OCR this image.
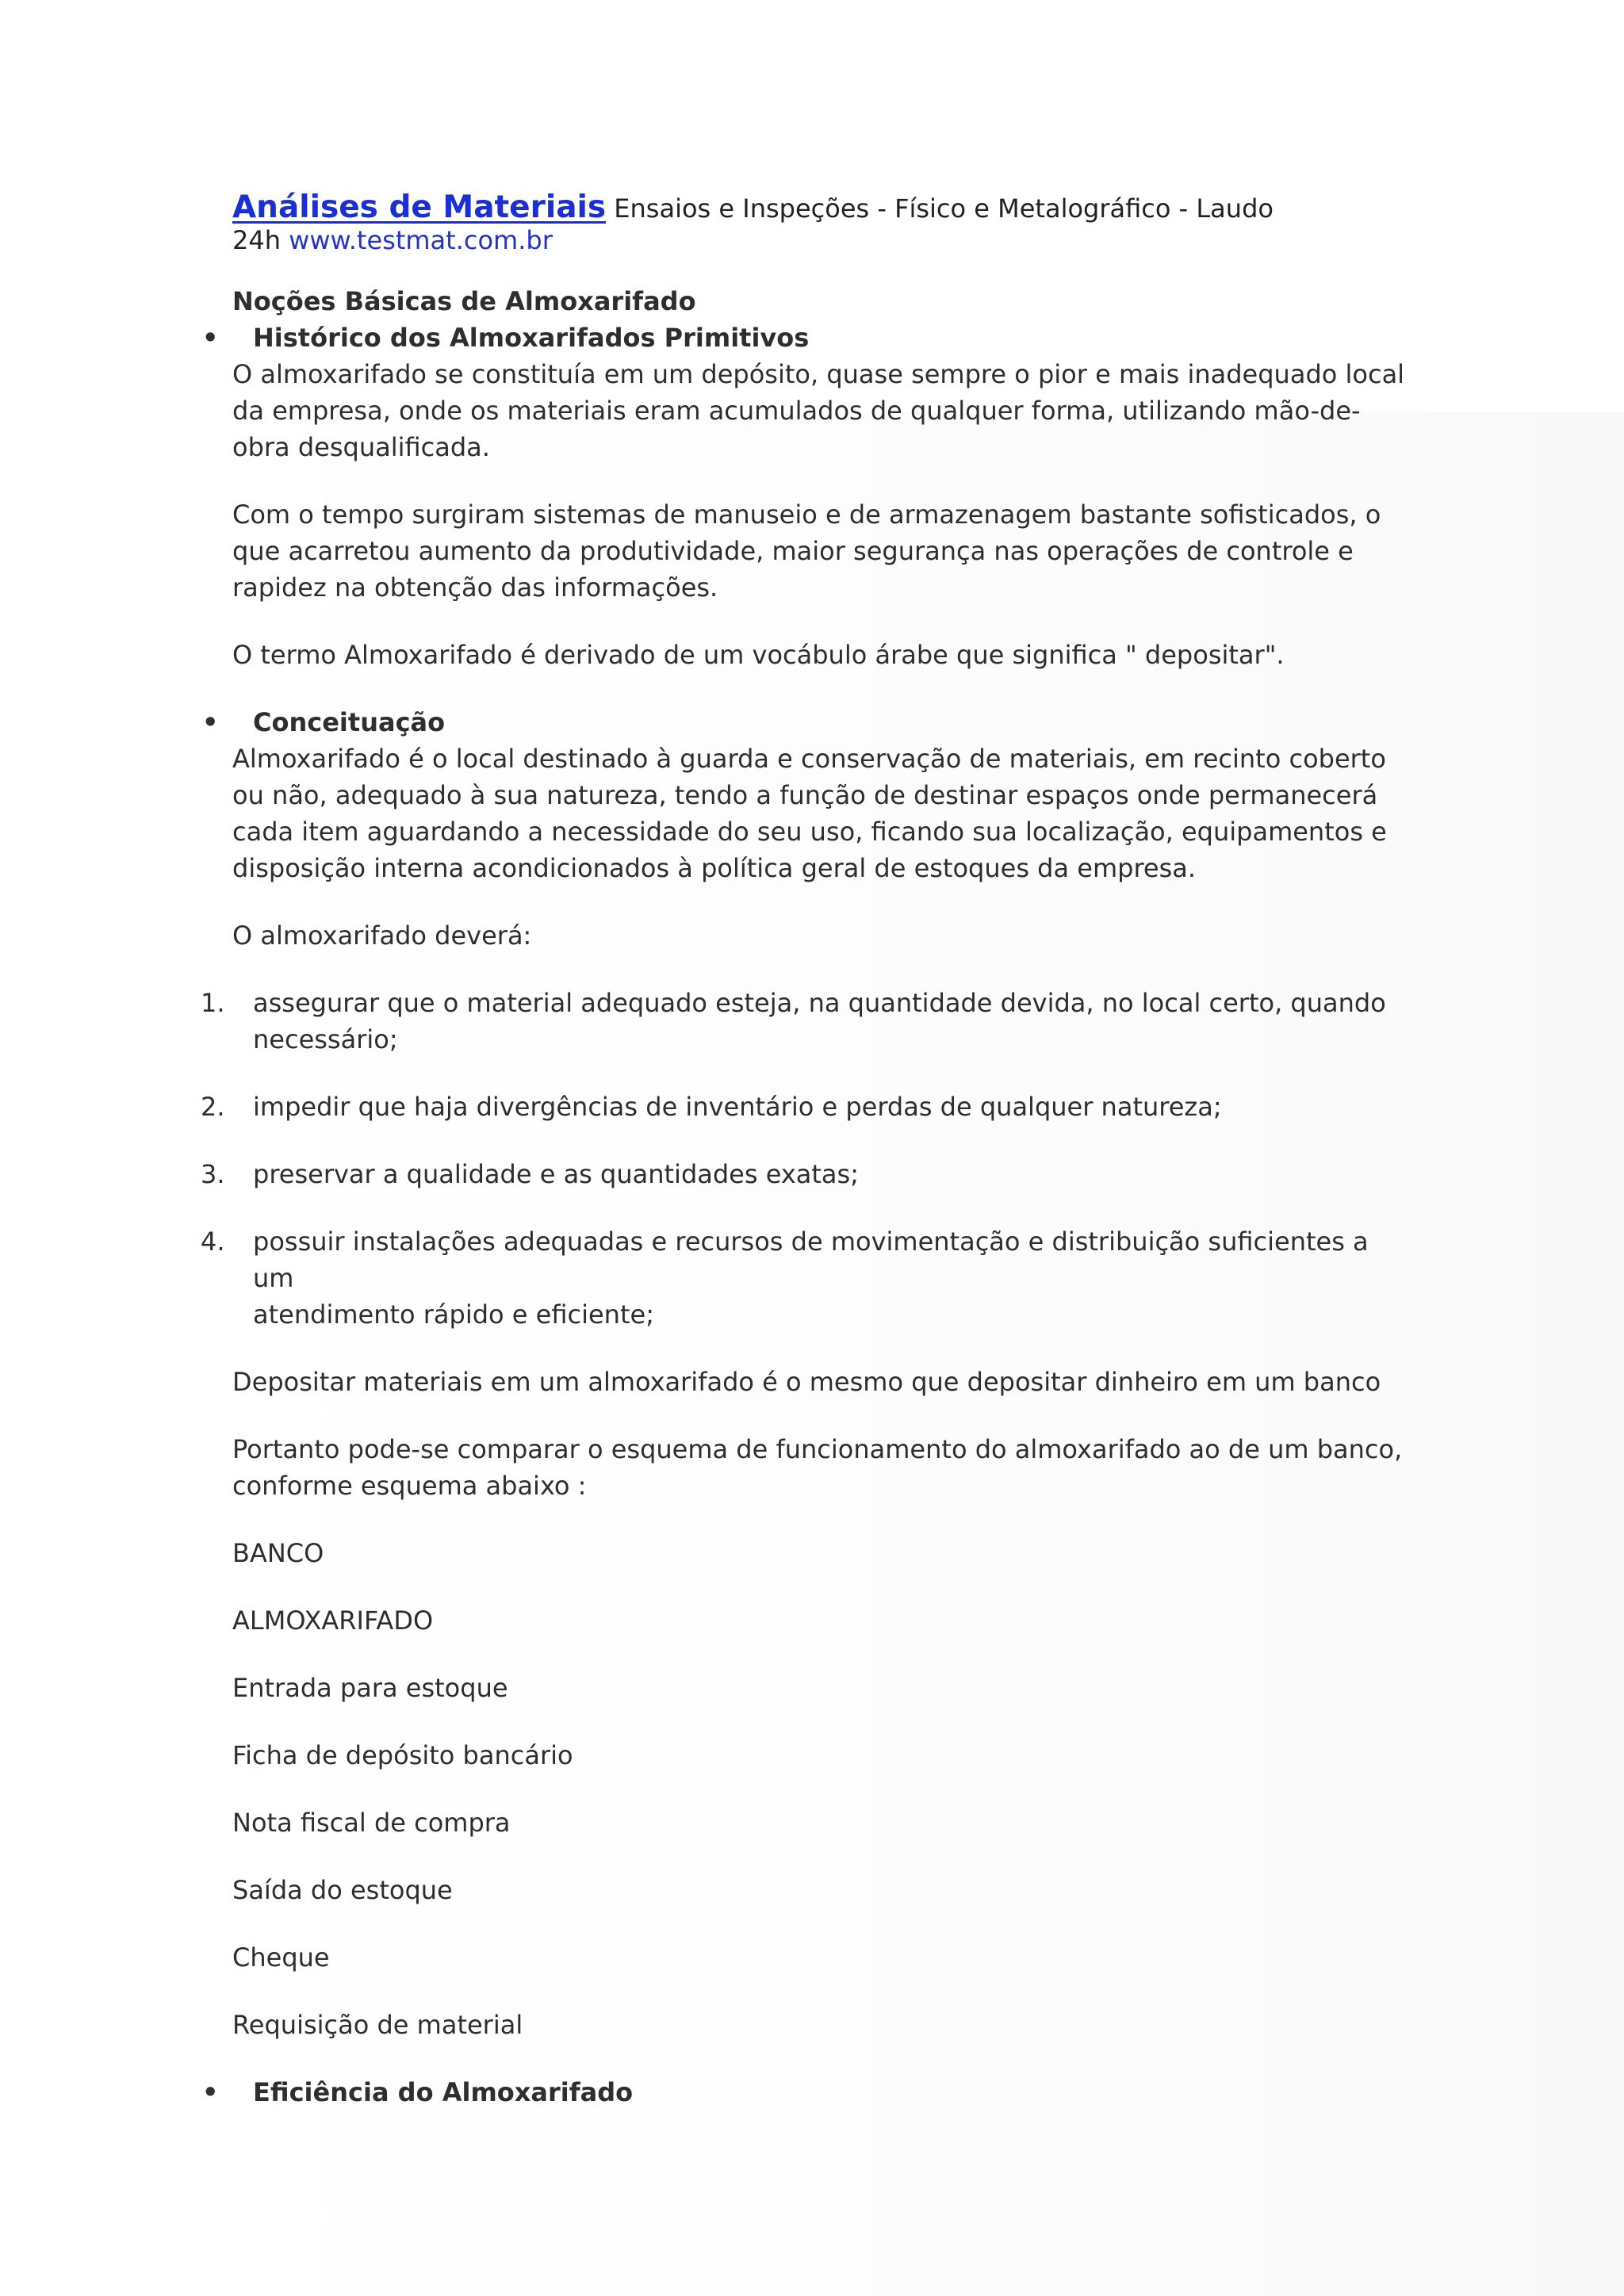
Análises de Materiais Ensaios e Inspeções - Físico e Metalográfico - Laudo
24h www.testmat.com.br

Noções Básicas de Almoxarifado

• Histórico dos Almoxarifados Primitivos

O almoxarifado se constituía em um depósito, quase sempre o pior e mais inadequado local da empresa, onde os materiais eram acumulados de qualquer forma, utilizando mão-de-obra desqualificada.

Com o tempo surgiram sistemas de manuseio e de armazenagem bastante sofisticados, o que acarretou aumento da produtividade, maior segurança nas operações de controle e rapidez na obtenção das informações.

O termo Almoxarifado é derivado de um vocábulo árabe que significa " depositar".

• Conceituação

Almoxarifado é o local destinado à guarda e conservação de materiais, em recinto coberto ou não, adequado à sua natureza, tendo a função de destinar espaços onde permanecerá cada item aguardando a necessidade do seu uso, ficando sua localização, equipamentos e disposição interna acondicionados à política geral de estoques da empresa.

O almoxarifado deverá:

1. assegurar que o material adequado esteja, na quantidade devida, no local certo, quando
necessário;

2. impedir que haja divergências de inventário e perdas de qualquer natureza;

3. preservar a qualidade e as quantidades exatas;

4. possuir instalações adequadas e recursos de movimentação e distribuição suficientes a um
atendimento rápido e eficiente;

Depositar materiais em um almoxarifado é o mesmo que depositar dinheiro em um banco

Portanto pode-se comparar o esquema de funcionamento do almoxarifado ao de um banco, conforme esquema abaixo :

BANCO

ALMOXARIFADO

Entrada para estoque

Ficha de depósito bancário

Nota fiscal de compra

Saída do estoque

Cheque

Requisição de material

• Eficiência do Almoxarifado
